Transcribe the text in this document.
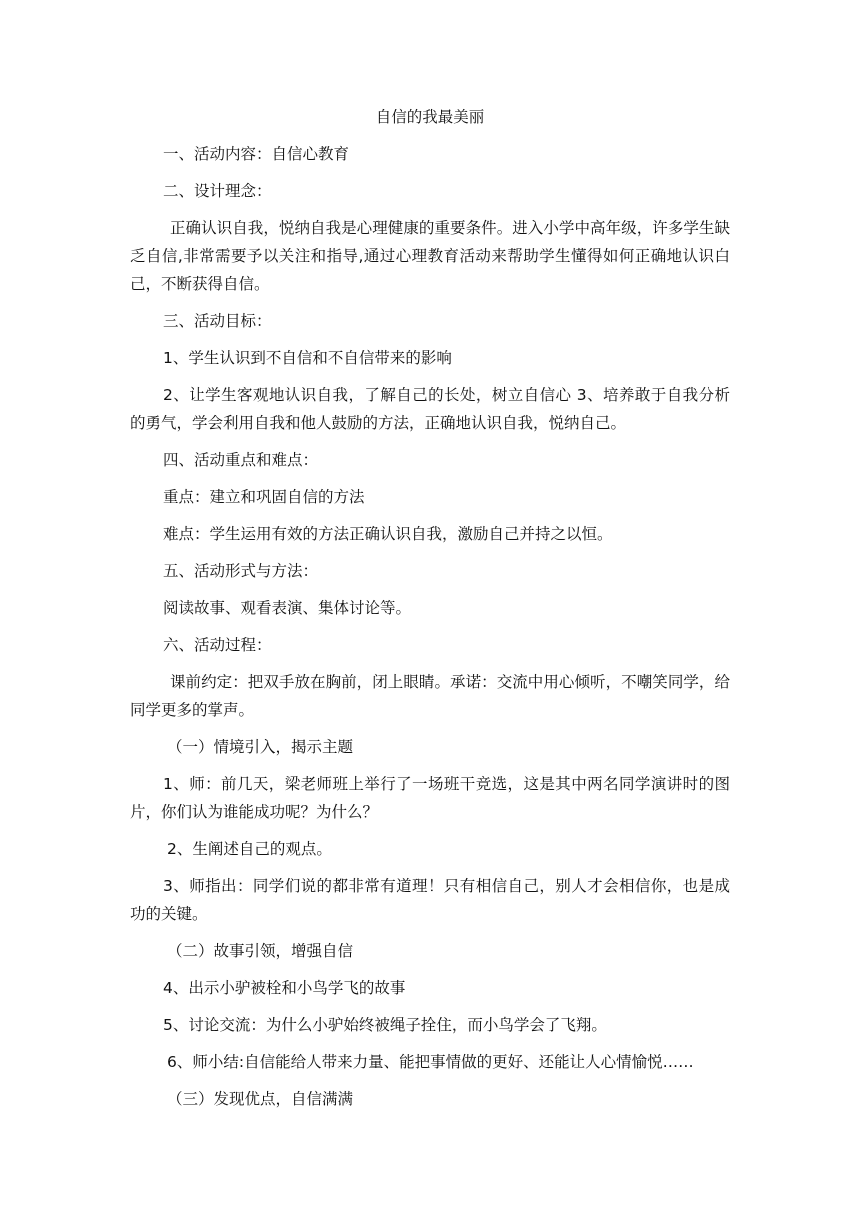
自信的我最美丽

一、活动内容：自信心教育

二、设计理念：

正确认识自我，悦纳自我是心理健康的重要条件。进入小学中高年级，许多学生缺乏自信,非常需要予以关注和指导,通过心理教育活动来帮助学生懂得如何正确地认识白己，不断获得自信。

三、活动目标：

1、学生认识到不自信和不自信带来的影响

2、让学生客观地认识自我，了解自己的长处，树立自信心 3、培养敢于自我分析的勇气，学会利用自我和他人鼓励的方法，正确地认识自我，悦纳自己。

四、活动重点和难点：

重点：建立和巩固自信的方法

难点：学生运用有效的方法正确认识自我，激励自己并持之以恒。

五、活动形式与方法：

阅读故事、观看表演、集体讨论等。

六、活动过程：

课前约定：把双手放在胸前，闭上眼睛。承诺：交流中用心倾听，不嘲笑同学，给同学更多的掌声。

（一）情境引入，揭示主题

1、师：前几天，梁老师班上举行了一场班干竞选，这是其中两名同学演讲时的图片，你们认为谁能成功呢？为什么？

2、生阐述自己的观点。

3、师指出：同学们说的都非常有道理！只有相信自己，别人才会相信你，也是成功的关键。

（二）故事引领，增强自信

4、出示小驴被栓和小鸟学飞的故事

5、讨论交流：为什么小驴始终被绳子拴住，而小鸟学会了飞翔。

6、师小结:自信能给人带来力量、能把事情做的更好、还能让人心情愉悦……

（三）发现优点，自信满满
